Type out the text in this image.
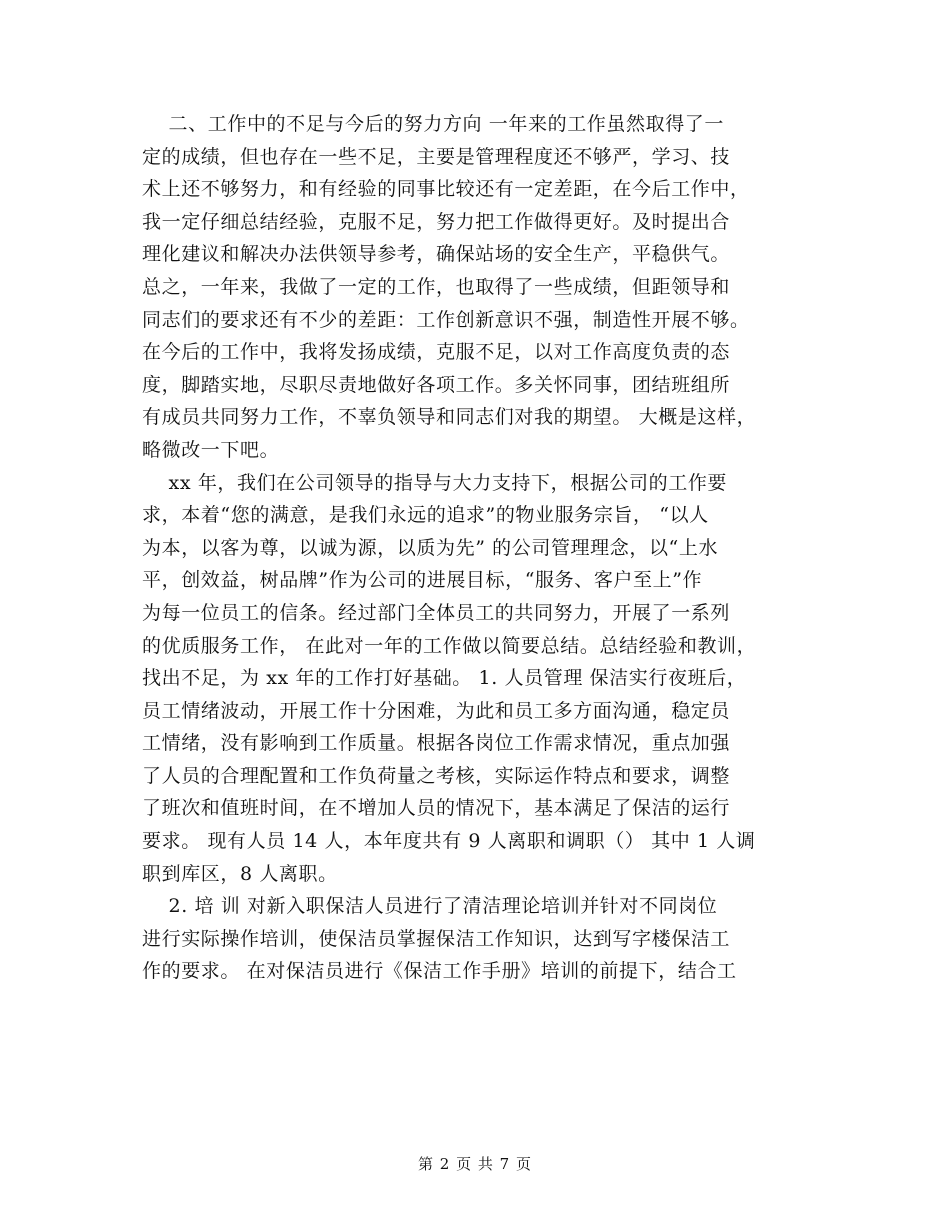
二、工作中的不足与今后的努力方向 一年来的工作虽然取得了一
定的成绩，但也存在一些不足，主要是管理程度还不够严，学习、技
术上还不够努力，和有经验的同事比较还有一定差距，在今后工作中，
我一定仔细总结经验，克服不足，努力把工作做得更好。及时提出合
理化建议和解决办法供领导参考，确保站场的安全生产，平稳供气。
总之，一年来，我做了一定的工作，也取得了一些成绩，但距领导和
同志们的要求还有不少的差距：工作创新意识不强，制造性开展不够。
在今后的工作中，我将发扬成绩，克服不足，以对工作高度负责的态
度，脚踏实地，尽职尽责地做好各项工作。多关怀同事，团结班组所
有成员共同努力工作，不辜负领导和同志们对我的期望。 大概是这样，
略微改一下吧。
xx 年，我们在公司领导的指导与大力支持下，根据公司的工作要
求，本着“您的满意，是我们永远的追求”的物业服务宗旨， “以人
为本，以客为尊，以诚为源，以质为先” 的公司管理理念，以“上水
平，创效益，树品牌”作为公司的进展目标，“服务、客户至上”作
为每一位员工的信条。经过部门全体员工的共同努力，开展了一系列
的优质服务工作， 在此对一年的工作做以简要总结。总结经验和教训，
找出不足，为 xx 年的工作打好基础。 1. 人员管理 保洁实行夜班后，
员工情绪波动，开展工作十分困难，为此和员工多方面沟通，稳定员
工情绪，没有影响到工作质量。根据各岗位工作需求情况，重点加强
了人员的合理配置和工作负荷量之考核，实际运作特点和要求，调整
了班次和值班时间，在不增加人员的情况下，基本满足了保洁的运行
要求。 现有人员 14 人，本年度共有 9 人离职和调职（） 其中 1 人调
职到库区，8 人离职。
2. 培 训 对新入职保洁人员进行了清洁理论培训并针对不同岗位
进行实际操作培训，使保洁员掌握保洁工作知识，达到写字楼保洁工
作的要求。 在对保洁员进行《保洁工作手册》培训的前提下，结合工
第 2 页 共 7 页
